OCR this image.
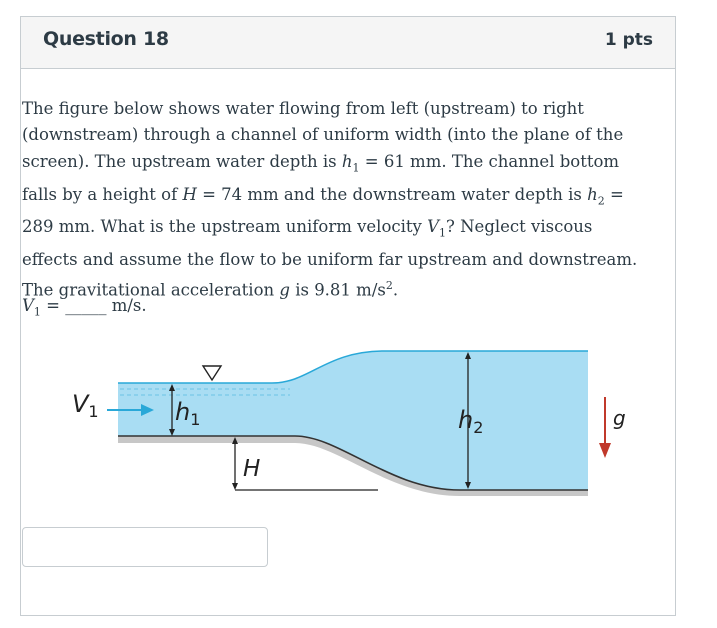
Question 18	1 pts

The figure below shows water flowing from left (upstream) to right (downstream) through a channel of uniform width (into the plane of the screen). The upstream water depth is $h_1 = 61$ mm. The channel bottom falls by a height of H = 74 mm and the downstream water depth is $h_2 = 289$ mm. What is the upstream uniform velocity $V_1$? Neglect viscous effects and assume the flow to be uniform far upstream and downstream. The gravitational acceleration g is 9.81 $m/s^2$.

$V_1$ = _____ m/s.
$V_1$	$h_1$
H
$h_2$	g
